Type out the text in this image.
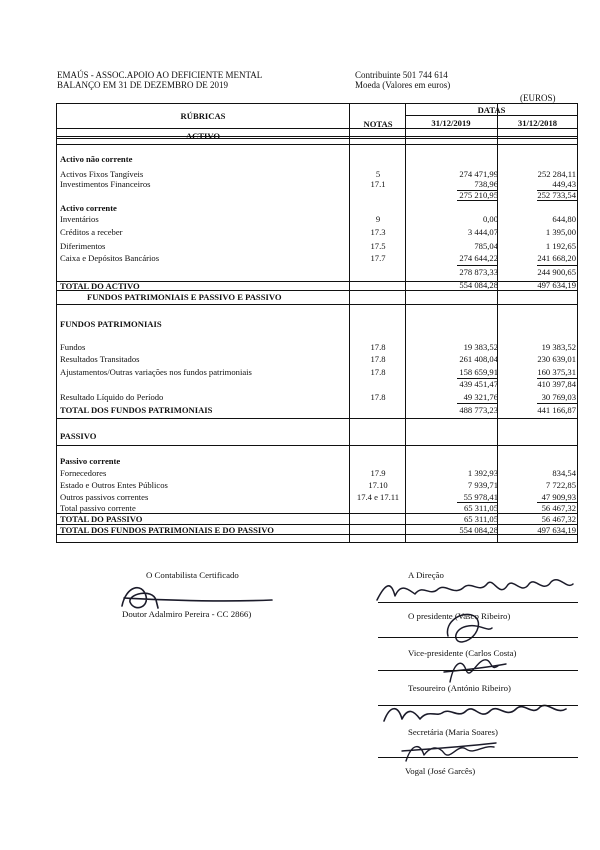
EMAÚS - ASSOC.APOIO AO DEFICIENTE MENTAL
BALANÇO EM 31 DE DEZEMBRO DE 2019
Contribuinte 501 744 614
Moeda (Valores em euros)
(EUROS)
RÚBRICAS
NOTAS
DATAS
31/12/2019	31/12/2018
ACTIVO
Activo não corrente
Activos Fixos Tangíveis	5	274 471,99	252 284,11
Investimentos Financeiros	17.1	738,96	449,43
275 210,95	252 733,54
Activo corrente
Inventários	9	0,00	644,80
Créditos a receber	17.3	3 444,07	1 395,00
Diferimentos	17.5	785,04	1 192,65
Caixa e Depósitos Bancários	17.7	274 644,22	241 668,20
278 873,33	244 900,65
TOTAL DO ACTIVO	554 084,28	497 634,19
FUNDOS PATRIMONIAIS E PASSIVO E PASSIVO
FUNDOS PATRIMONIAIS
Fundos	17.8	19 383,52	19 383,52
Resultados Transitados	17.8	261 408,04	230 639,01
Ajustamentos/Outras variações nos fundos patrimoniais	17.8	158 659,91	160 375,31
439 451,47	410 397,84
Resultado Líquido do Período	17.8	49 321,76	30 769,03
TOTAL DOS FUNDOS PATRIMONIAIS	488 773,23	441 166,87
PASSIVO
Passivo corrente
Fornecedores	17.9	1 392,93	834,54
Estado e Outros Entes Públicos	17.10	7 939,71	7 722,85
Outros passivos correntes	17.4 e 17.11	55 978,41	47 909,93
Total passivo corrente	65 311,05	56 467,32
TOTAL DO PASSIVO	65 311,05	56 467,32
TOTAL DOS FUNDOS PATRIMONIAIS E DO PASSIVO	554 084,28	497 634,19
O Contabilista Certificado
Doutor Adalmiro Pereira - CC 2866)
A Direção
O presidente (Vasco Ribeiro)
Vice-presidente (Carlos Costa)
Tesoureiro (António Ribeiro)
Secretária (Maria Soares)
Vogal (José Garcês)
